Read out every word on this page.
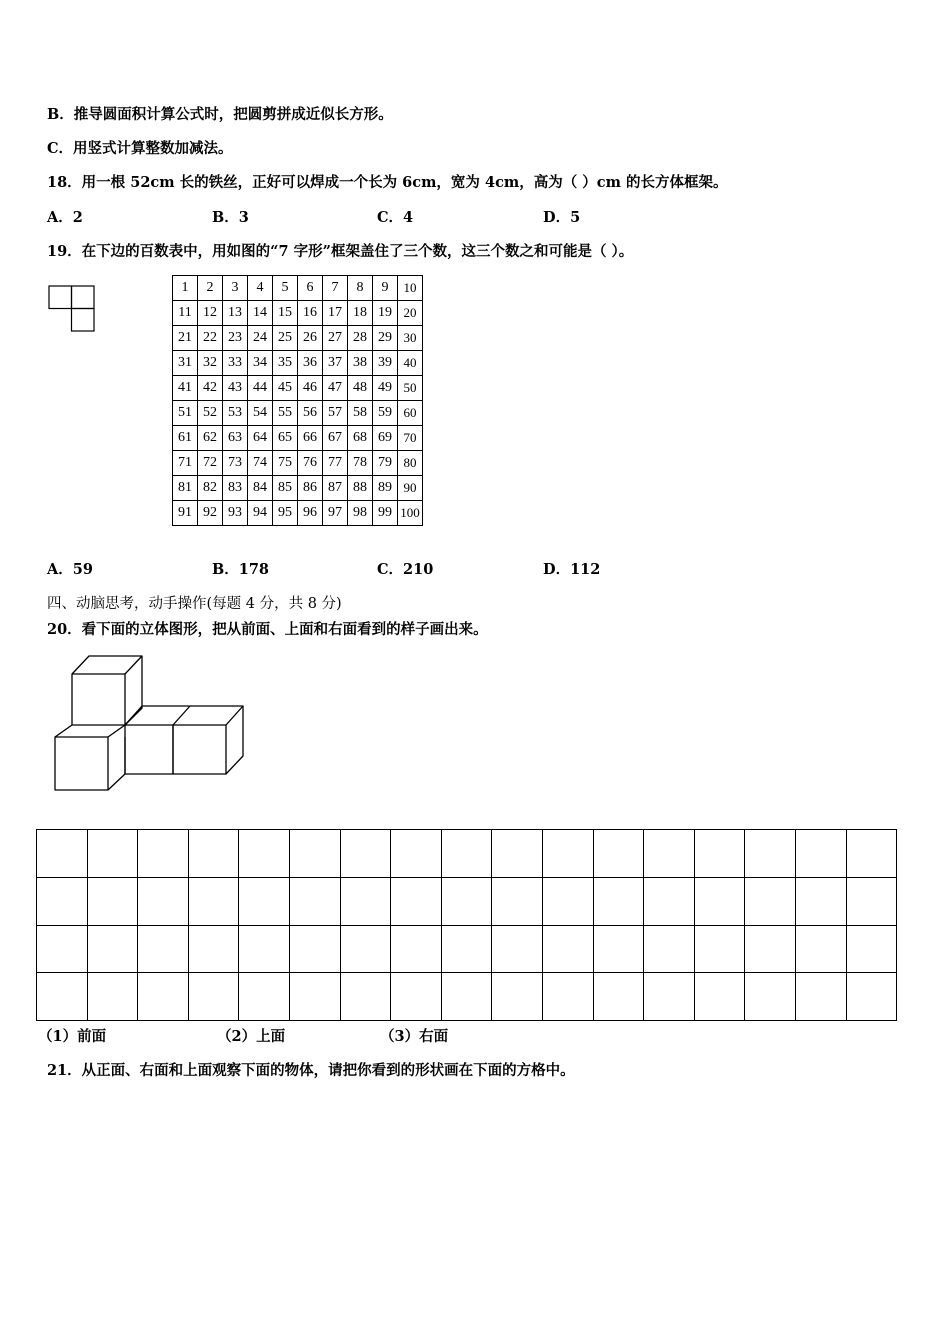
B．推导圆面积计算公式时，把圆剪拼成近似长方形。
C．用竖式计算整数加减法。
18．用一根 52cm 长的铁丝，正好可以焊成一个长为 6cm，宽为 4cm，高为（ ）cm 的长方体框架。
A．2	B．3	C．4	D．5
19．在下边的百数表中，用如图的“7 字形”框架盖住了三个数，这三个数之和可能是（ ）。
1	2	3	4	5	6	7	8	9	10
11	12	13	14	15	16	17	18	19	20
21	22	23	24	25	26	27	28	29	30
31	32	33	34	35	36	37	38	39	40
41	42	43	44	45	46	47	48	49	50
51	52	53	54	55	56	57	58	59	60
61	62	63	64	65	66	67	68	69	70
71	72	73	74	75	76	77	78	79	80
81	82	83	84	85	86	87	88	89	90
91	92	93	94	95	96	97	98	99	100
A．59	B．178	C．210	D．112
四、动脑思考，动手操作(每题 4 分，共 8 分)
20．看下面的立体图形，把从前面、上面和右面看到的样子画出来。

（1）前面	（2）上面	（3）右面
21．从正面、右面和上面观察下面的物体，请把你看到的形状画在下面的方格中。
